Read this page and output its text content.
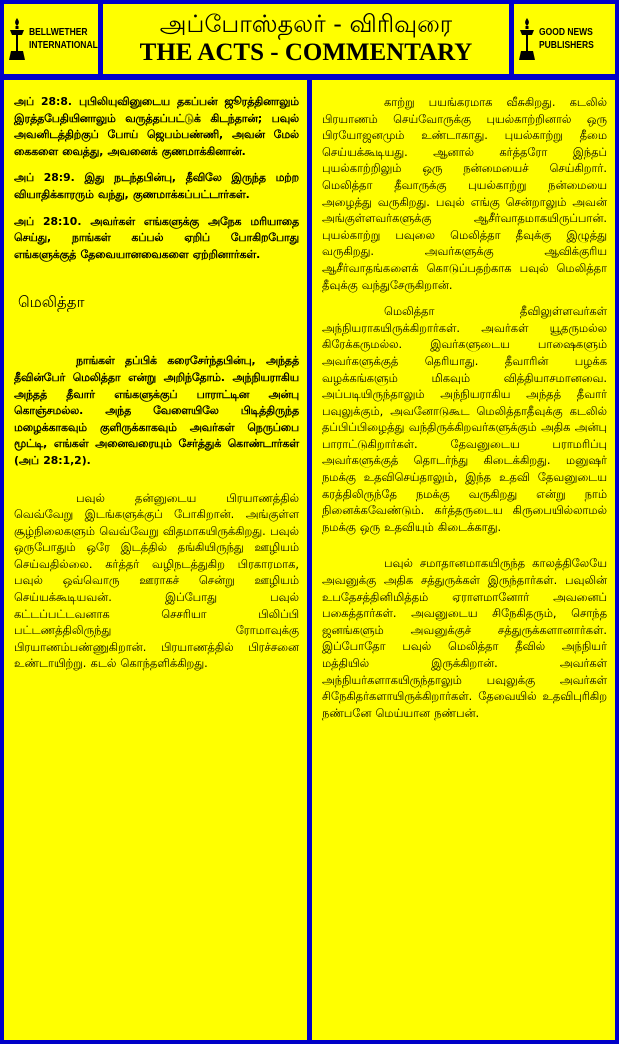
BELLWETHER
INTERNATIONAL
அப்போஸ்தலர் - விரிவுரை
THE ACTS - COMMENTARY
GOOD NEWS
PUBLISHERS

அப் 28:8. புபிலியுவினுடைய தகப்பன் ஜூரத்தினாலும் இரத்தபேதியினாலும் வருத்தப்பட்டுக் கிடந்தான்; பவுல் அவனிடத்திற்குப் போய் ஜெபம்பண்ணி, அவன் மேல் கைகளை வைத்து, அவனைக் குணமாக்கினான்.

அப் 28:9. இது நடந்தபின்பு, தீவிலே இருந்த மற்ற வியாதிக்காரரும் வந்து, குணமாக்கப்பட்டார்கள்.

அப் 28:10. அவர்கள் எங்களுக்கு அநேக மரியாதை செய்து, நாங்கள் கப்பல் ஏறிப் போகிறபோது எங்களுக்குத் தேவையானவைகளை ஏற்றினார்கள்.

மெலித்தா

நாங்கள் தப்பிக் கரைசேர்ந்தபின்பு, அந்தத் தீவின்பேர் மெலித்தா என்று அறிந்தோம். அந்நியராகிய அந்தத் தீவார் எங்களுக்குப் பாராட்டின அன்பு கொஞ்சமல்ல. அந்த வேளையிலே பிடித்திருந்த மழைக்காகவும் குளிருக்காகவும் அவர்கள் நெருப்பை மூட்டி, எங்கள் அனைவரையும் சேர்த்துக் கொண்டார்கள் (அப் 28:1,2).

பவுல் தன்னுடைய பிரயாணத்தில் வெவ்வேறு இடங்களுக்குப் போகிறான். அங்குள்ள சூழ்நிலைகளும் வெவ்வேறு விதமாகயிருக்கிறது. பவுல் ஒருபோதும் ஒரே இடத்தில் தங்கியிருந்து ஊழியம் செய்வதில்லை. கர்த்தர் வழிநடத்துகிற பிரகாரமாக, பவுல் ஒவ்வொரு ஊராகச் சென்று ஊழியம் செய்யக்கூடியவன். இப்போது பவுல் கட்டப்பட்டவனாக செசரியா பிலிப்பி பட்டணத்திலிருந்து ரோமாவுக்கு பிரயாணம்பண்ணுகிறான். பிரயாணத்தில் பிரச்சனை உண்டாயிற்று. கடல் கொந்தளிக்கிறது.

காற்று பயங்கரமாக வீசுகிறது. கடலில் பிரயாணம் செய்வோருக்கு புயல்காற்றினால் ஒரு பிரயோஜனமும் உண்டாகாது. புயல்காற்று தீமை செய்யக்கூடியது. ஆனால் கர்த்தரோ இந்தப் புயல்காற்றிலும் ஒரு நன்மையைச் செய்கிறார். மெலித்தா தீவாருக்கு புயல்காற்று நன்மையை அழைத்து வருகிறது. பவுல் எங்கு சென்றாலும் அவன் அங்குள்ளவர்களுக்கு ஆசீர்வாதமாகயிருப்பான். புயல்காற்று பவுலை மெலித்தா தீவுக்கு இழுத்து வருகிறது. அவர்களுக்கு ஆவிக்குரிய ஆசீர்வாதங்களைக் கொடுப்பதற்காக பவுல் மெலித்தா தீவுக்கு வந்துசேருகிறான்.

மெலித்தா தீவிலுள்ளவர்கள் அந்நியராகயிருக்கிறார்கள். அவர்கள் யூதருமல்ல கிரேக்கருமல்ல. இவர்களுடைய பாஷைகளும் அவர்களுக்குத் தெரியாது. தீவாரின் பழக்க வழக்கங்களும் மிகவும் வித்தியாசமானவை. அப்படியிருந்தாலும் அந்நியராகிய அந்தத் தீவார் பவுலுக்கும், அவனோடுகூட மெலித்தாதீவுக்கு கடலில் தப்பிப்பிழைத்து வந்திருக்கிறவர்களுக்கும் அதிக அன்பு பாராட்டுகிறார்கள். தேவனுடைய பராமரிப்பு அவர்களுக்குத் தொடர்ந்து கிடைக்கிறது. மனுஷர் நமக்கு உதவிசெய்தாலும், இந்த உதவி தேவனுடைய கரத்திலிருந்தே நமக்கு வருகிறது என்று நாம் நினைக்கவேண்டும். கர்த்தருடைய கிருபையில்லாமல் நமக்கு ஒரு உதவியும் கிடைக்காது.

பவுல் சமாதானமாகயிருந்த காலத்திலேயே அவனுக்கு அதிக சத்துருக்கள் இருந்தார்கள். பவுலின் உபதேசத்தினிமித்தம் ஏராளமானோர் அவனைப் பகைத்தார்கள். அவனுடைய சிநேகிதரும், சொந்த ஜனங்களும் அவனுக்குச் சத்துருக்களானார்கள். இப்போதோ பவுல் மெலித்தா தீவில் அந்நியர் மத்தியில் இருக்கிறான். அவர்கள் அந்நியர்களாகயிருந்தாலும் பவுலுக்கு அவர்கள் சிநேகிதர்களாயிருக்கிறார்கள். தேவையில் உதவிபுரிகிற நண்பனே மெய்யான நண்பன்.
